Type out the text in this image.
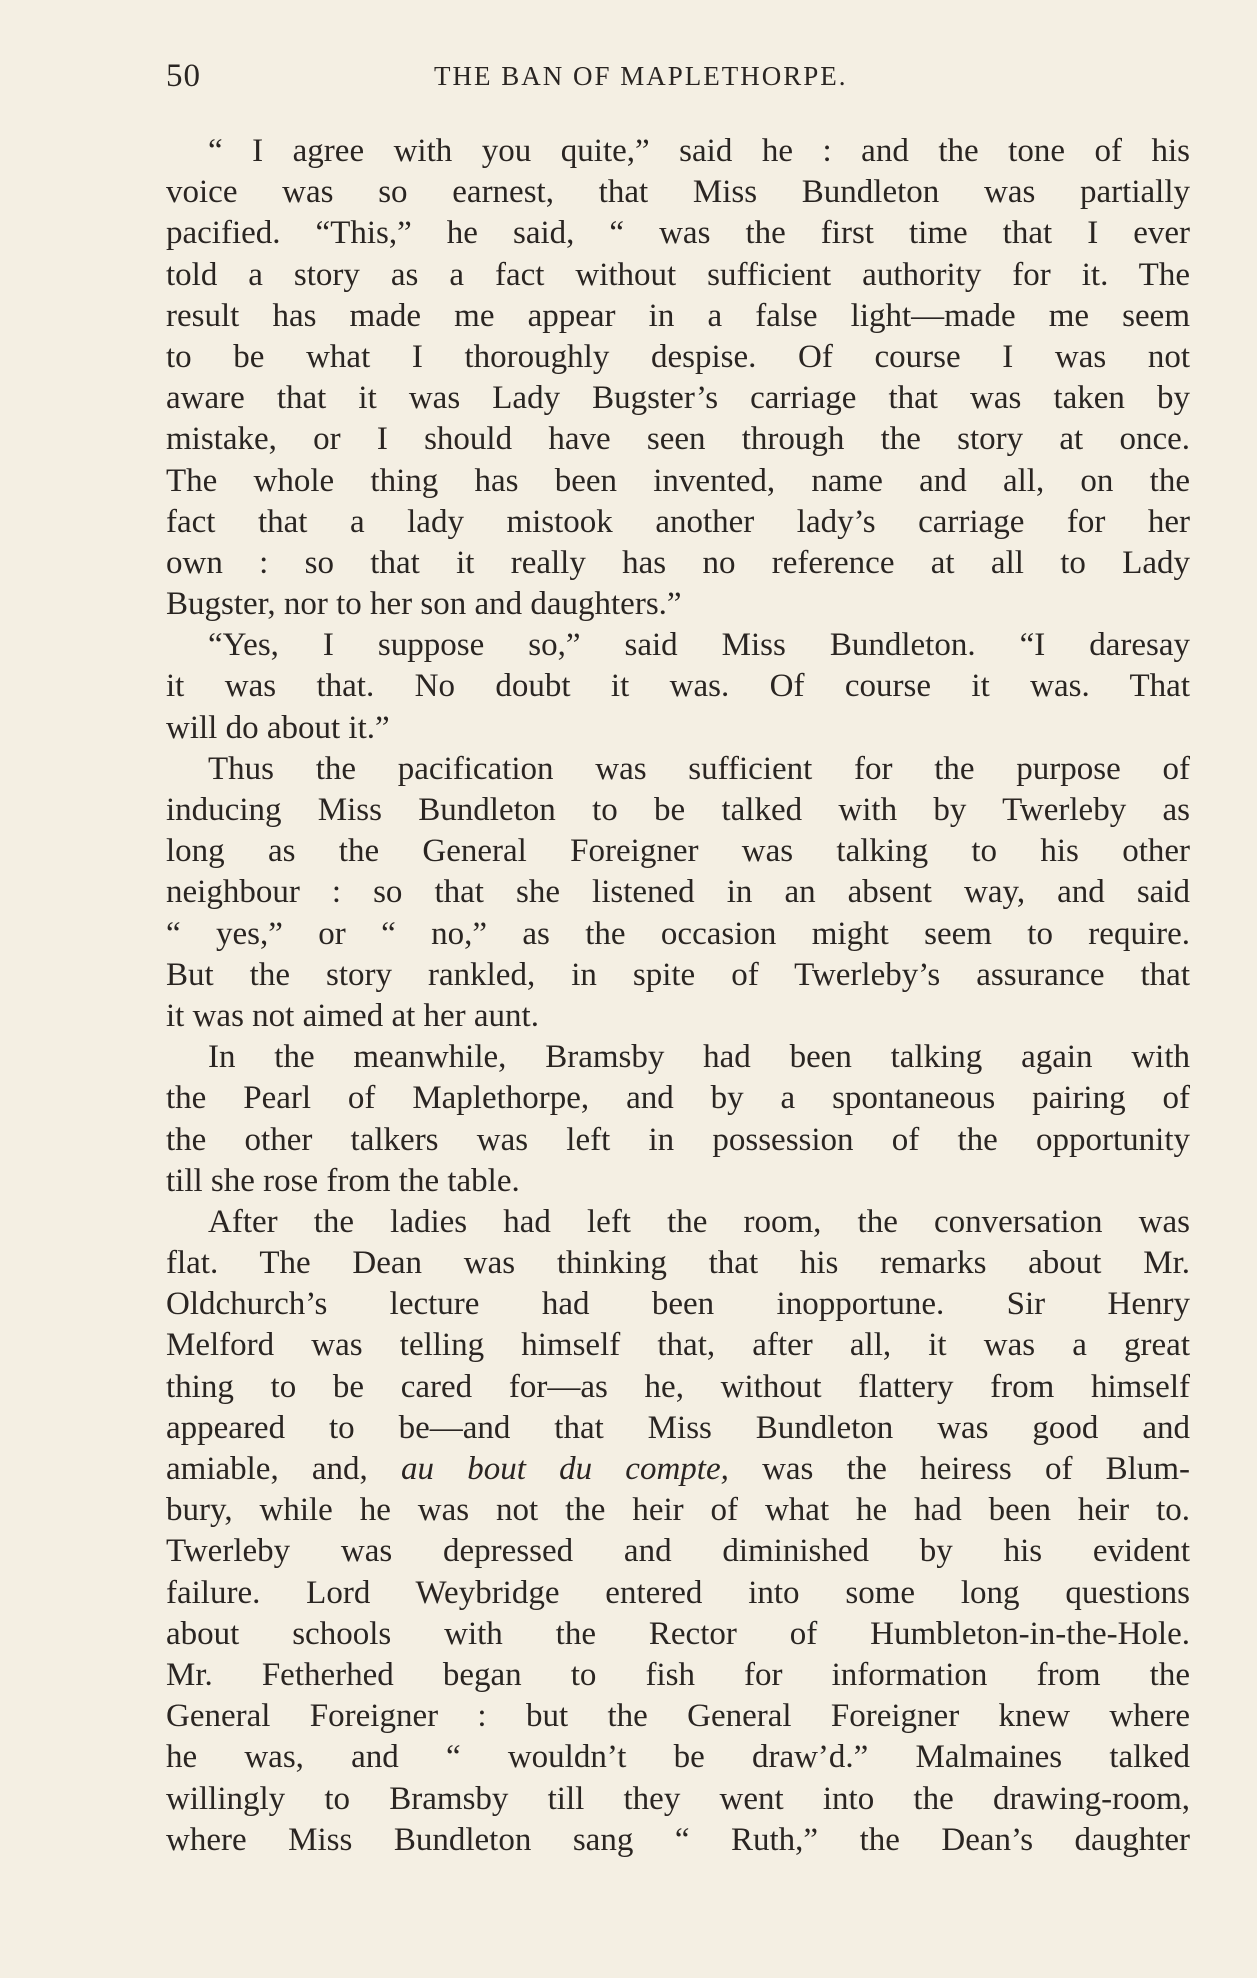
50	THE BAN OF MAPLETHORPE.
“ I agree with you quite,” said he : and the tone of his
voice was so earnest, that Miss Bundleton was partially
pacified. “This,” he said, “ was the first time that I ever
told a story as a fact without sufficient authority for it. The
result has made me appear in a false light—made me seem
to be what I thoroughly despise. Of course I was not
aware that it was Lady Bugster’s carriage that was taken by
mistake, or I should have seen through the story at once.
The whole thing has been invented, name and all, on the
fact that a lady mistook another lady’s carriage for her
own : so that it really has no reference at all to Lady
Bugster, nor to her son and daughters.”
“Yes, I suppose so,” said Miss Bundleton. “I daresay
it was that. No doubt it was. Of course it was. That
will do about it.”
Thus the pacification was sufficient for the purpose of
inducing Miss Bundleton to be talked with by Twerleby as
long as the General Foreigner was talking to his other
neighbour : so that she listened in an absent way, and said
“ yes,” or “ no,” as the occasion might seem to require.
But the story rankled, in spite of Twerleby’s assurance that
it was not aimed at her aunt.
In the meanwhile, Bramsby had been talking again with
the Pearl of Maplethorpe, and by a spontaneous pairing of
the other talkers was left in possession of the opportunity
till she rose from the table.
After the ladies had left the room, the conversation was
flat. The Dean was thinking that his remarks about Mr.
Oldchurch’s lecture had been inopportune. Sir Henry
Melford was telling himself that, after all, it was a great
thing to be cared for—as he, without flattery from himself
appeared to be—and that Miss Bundleton was good and
amiable, and, au bout du compte, was the heiress of Blum-
bury, while he was not the heir of what he had been heir to.
Twerleby was depressed and diminished by his evident
failure. Lord Weybridge entered into some long questions
about schools with the Rector of Humbleton-in-the-Hole.
Mr. Fetherhed began to fish for information from the
General Foreigner : but the General Foreigner knew where
he was, and “ wouldn’t be draw’d.” Malmaines talked
willingly to Bramsby till they went into the drawing-room,
where Miss Bundleton sang “ Ruth,” the Dean’s daughter
